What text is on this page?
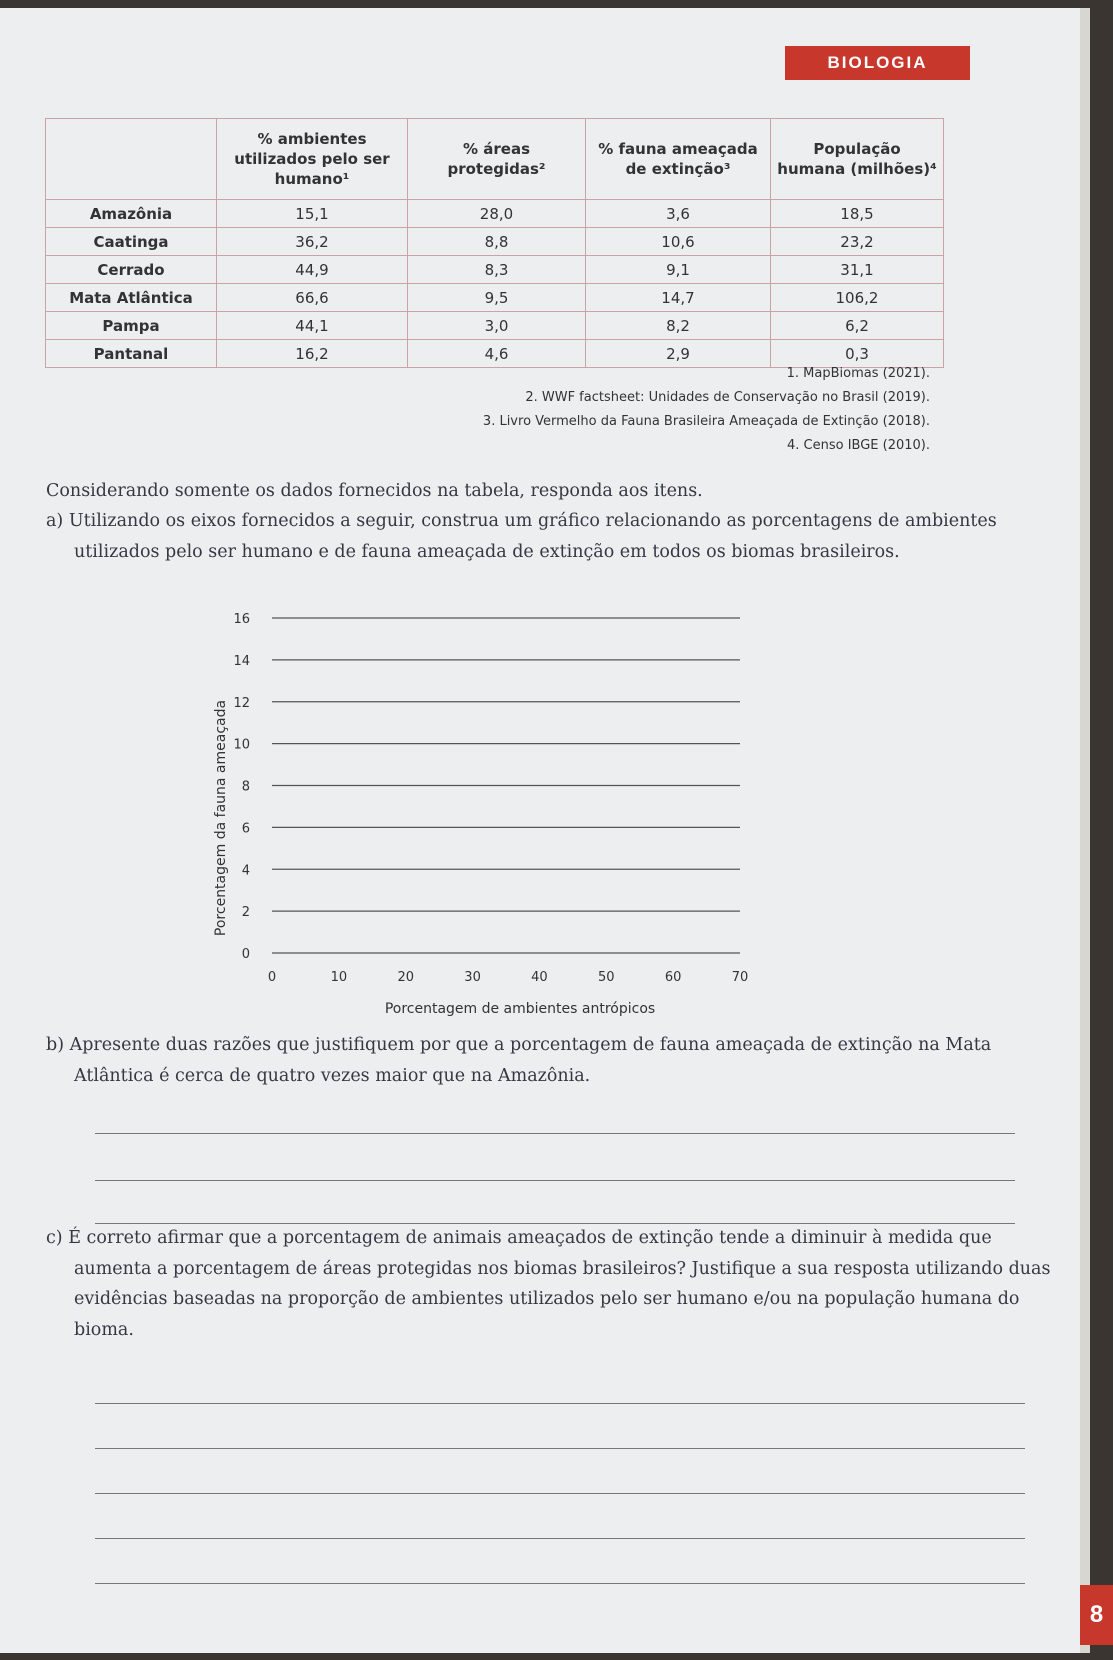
BIOLOGIA
	% ambientes utilizados pelo ser humano¹	% áreas protegidas²	% fauna ameaçada de extinção³	População humana (milhões)⁴
Amazônia	15,1	28,0	3,6	18,5
Caatinga	36,2	8,8	10,6	23,2
Cerrado	44,9	8,3	9,1	31,1
Mata Atlântica	66,6	9,5	14,7	106,2
Pampa	44,1	3,0	8,2	6,2
Pantanal	16,2	4,6	2,9	0,3
1. MapBiomas (2021).
2. WWF factsheet: Unidades de Conservação no Brasil (2019).
3. Livro Vermelho da Fauna Brasileira Ameaçada de Extinção (2018).
4. Censo IBGE (2010).
Considerando somente os dados fornecidos na tabela, responda aos itens.
a) Utilizando os eixos fornecidos a seguir, construa um gráfico relacionando as porcentagens de ambientes utilizados pelo ser humano e de fauna ameaçada de extinção em todos os biomas brasileiros.
0
2
4
6
8
10
12
14
16
0	10	20	30	40	50	60	70
Porcentagem da fauna ameaçada
Porcentagem de ambientes antrópicos
b) Apresente duas razões que justifiquem por que a porcentagem de fauna ameaçada de extinção na Mata Atlântica é cerca de quatro vezes maior que na Amazônia.
c) É correto afirmar que a porcentagem de animais ameaçados de extinção tende a diminuir à medida que aumenta a porcentagem de áreas protegidas nos biomas brasileiros? Justifique a sua resposta utilizando duas evidências baseadas na proporção de ambientes utilizados pelo ser humano e/ou na população humana do bioma.
8
